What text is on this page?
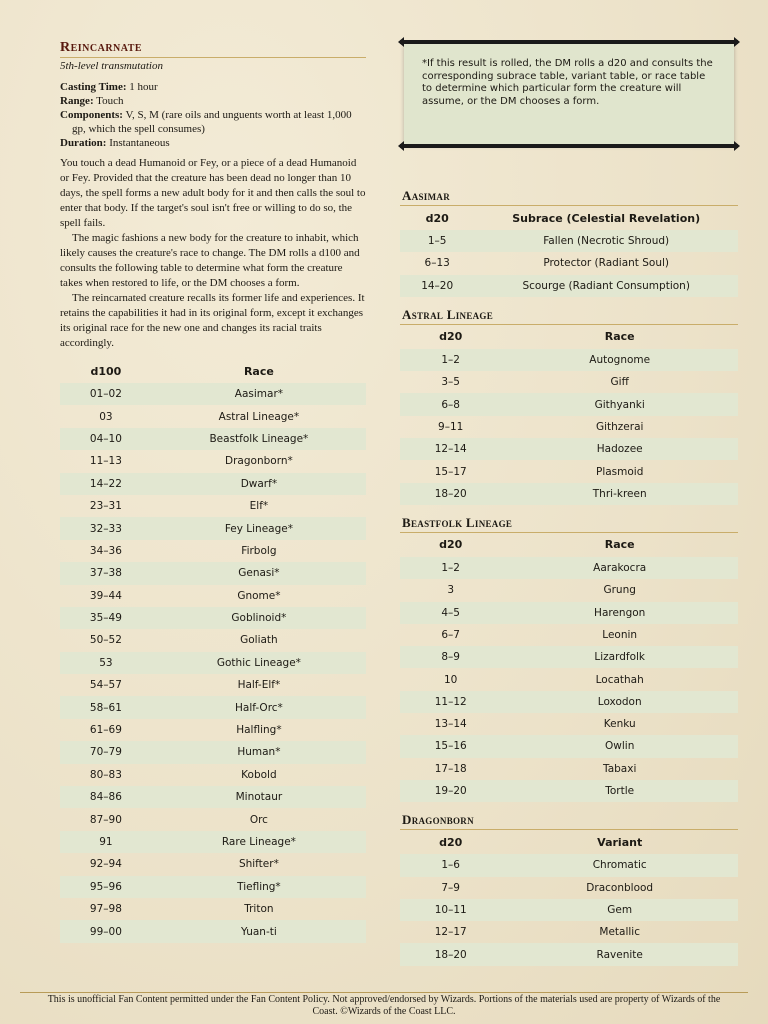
Reincarnate
5th-level transmutation
Casting Time: 1 hour
Range: Touch
Components: V, S, M (rare oils and unguents worth at least 1,000 gp, which the spell consumes)
Duration: Instantaneous

You touch a dead Humanoid or Fey, or a piece of a dead Humanoid or Fey. Provided that the creature has been dead no longer than 10 days, the spell forms a new adult body for it and then calls the soul to enter that body. If the target's soul isn't free or willing to do so, the spell fails.

The magic fashions a new body for the creature to inhabit, which likely causes the creature's race to change. The DM rolls a d100 and consults the following table to determine what form the creature takes when restored to life, or the DM chooses a form.

The reincarnated creature recalls its former life and experiences. It retains the capabilities it had in its original form, except it exchanges its original race for the new one and changes its racial traits accordingly.

d100	Race
01–02	Aasimar*
03	Astral Lineage*
04–10	Beastfolk Lineage*
11–13	Dragonborn*
14–22	Dwarf*
23–31	Elf*
32–33	Fey Lineage*
34–36	Firbolg
37–38	Genasi*
39–44	Gnome*
35–49	Goblinoid*
50–52	Goliath
53	Gothic Lineage*
54–57	Half-Elf*
58–61	Half-Orc*
61–69	Halfling*
70–79	Human*
80–83	Kobold
84–86	Minotaur
87–90	Orc
91	Rare Lineage*
92–94	Shifter*
95–96	Tiefling*
97–98	Triton
99–00	Yuan-ti
*If this result is rolled, the DM rolls a d20 and consults the corresponding subrace table, variant table, or race table to determine which particular form the creature will assume, or the DM chooses a form.
Aasimar
d20	Subrace (Celestial Revelation)
1–5	Fallen (Necrotic Shroud)
6–13	Protector (Radiant Soul)
14–20	Scourge (Radiant Consumption)
Astral Lineage
d20	Race
1–2	Autognome
3–5	Giff
6–8	Githyanki
9–11	Githzerai
12–14	Hadozee
15–17	Plasmoid
18–20	Thri-kreen
Beastfolk Lineage
d20	Race
1–2	Aarakocra
3	Grung
4–5	Harengon
6–7	Leonin
8–9	Lizardfolk
10	Locathah
11–12	Loxodon
13–14	Kenku
15–16	Owlin
17–18	Tabaxi
19–20	Tortle
Dragonborn
d20	Variant
1–6	Chromatic
7–9	Draconblood
10–11	Gem
12–17	Metallic
18–20	Ravenite
This is unofficial Fan Content permitted under the Fan Content Policy. Not approved/endorsed by Wizards. Portions of the materials used are property of Wizards of the Coast. ©Wizards of the Coast LLC.
